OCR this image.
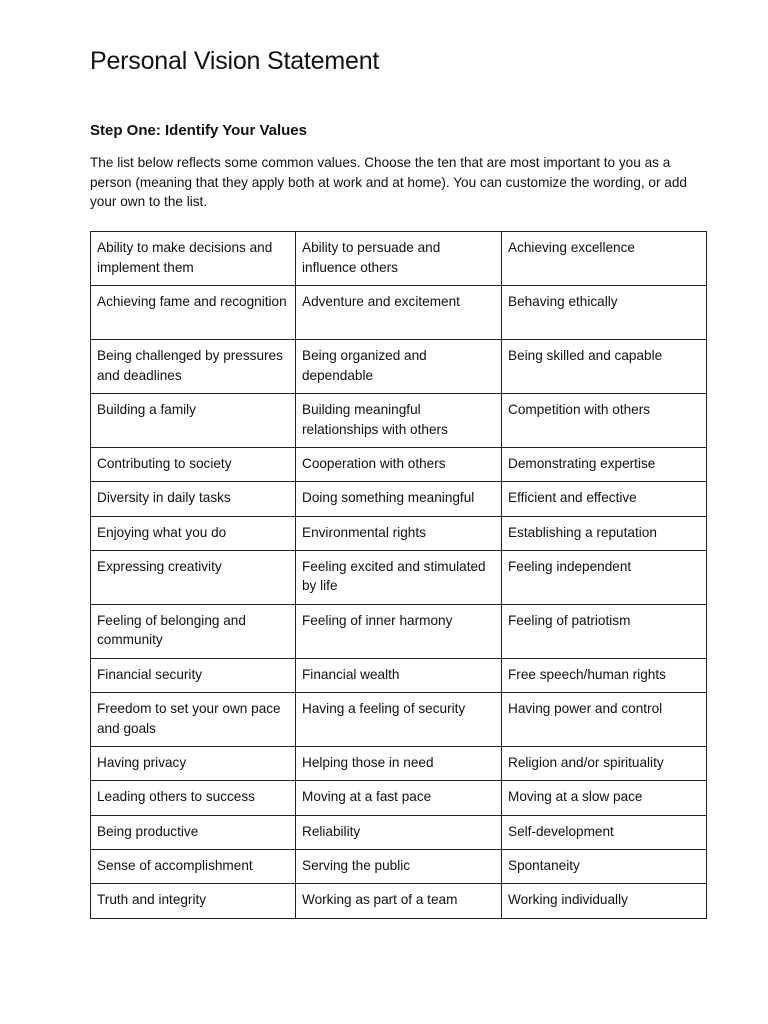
Personal Vision Statement
Step One: Identify Your Values

The list below reflects some common values. Choose the ten that are most important to you as a person (meaning that they apply both at work and at home). You can customize the wording, or add your own to the list.

Ability to make decisions and implement them	Ability to persuade and influence others	Achieving excellence
Achieving fame and recognition	Adventure and excitement	Behaving ethically
Being challenged by pressures and deadlines	Being organized and dependable	Being skilled and capable
Building a family	Building meaningful relationships with others	Competition with others
Contributing to society	Cooperation with others	Demonstrating expertise
Diversity in daily tasks	Doing something meaningful	Efficient and effective
Enjoying what you do	Environmental rights	Establishing a reputation
Expressing creativity	Feeling excited and stimulated by life	Feeling independent
Feeling of belonging and community	Feeling of inner harmony	Feeling of patriotism
Financial security	Financial wealth	Free speech/human rights
Freedom to set your own pace and goals	Having a feeling of security	Having power and control
Having privacy	Helping those in need	Religion and/or spirituality
Leading others to success	Moving at a fast pace	Moving at a slow pace
Being productive	Reliability	Self-development
Sense of accomplishment	Serving the public	Spontaneity
Truth and integrity	Working as part of a team	Working individually
